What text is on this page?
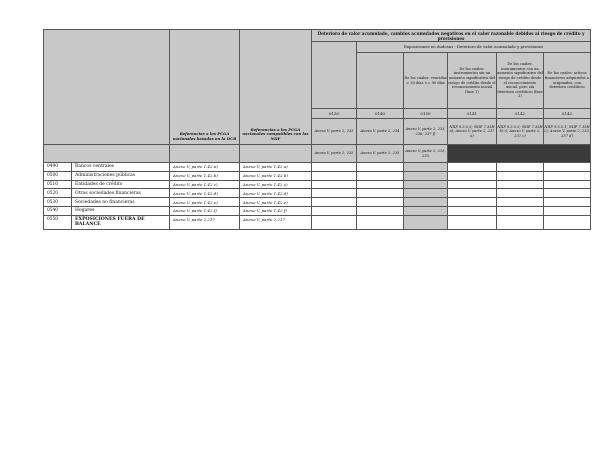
		Referencias a los PCGA nacionales basadas en la DCB	Referencias a los PCGA nacionales compatibles con las NIIF	Deterioro de valor acumulado, cambios acumulados negativos en el valor razonable debidos al riesgo de crédito y provisiones					
					Exposiciones no dudosas - Deterioro de valor acumulado y provisiones				
						De las cuales: vencidas > 30 días <= 90 días	De las cuales: instrumentos sin un aumento significativo del riesgo de crédito desde el reconocimiento inicial (fase 1)	De las cuales: instrumentos con un aumento significativo del riesgo de crédito desde el reconocimiento inicial, pero sin deterioro crediticio (fase 2)	De las cuales: activos financieros adquiridos u originados, con deterioro crediticio
				0130	0140	0150	0141	0142	0143
				Anexo V, parte 2, 233	Anexo V, parte 2, 234	Anexo V, parte 2, 233, 236, 237 f)	NIIF 9.5.5.5; NIIF 7.35H a); Anexo V, parte 2, 237 a)	NIIF 9.5.5.3; NIIF 7.35H b) i); Anexo V, parte 2, 237 c)	NIIF 9.5.5.1; NIIF 7.35H c); Anexo V, parte 2, 233, 237 d)
				Anexo V, parte 2, 235	Anexo V, parte 2, 235	Anexo V, parte 2, 233, 235			
0490	Bancos centrales	Anexo V, parte 1.42.a)	Anexo V, parte 1.42.a)						
0500	Administraciones públicas	Anexo V, parte 1.42.b)	Anexo V, parte 1.42.b)						
0510	Entidades de crédito	Anexo V, parte 1.42.c)	Anexo V, parte 1.42.c)						
0520	Otras sociedades financieras	Anexo V, parte 1.42.d)	Anexo V, parte 1.42.d)						
0530	Sociedades no financieras	Anexo V, parte 1.42.e)	Anexo V, parte 1.42.e)						
0540	Hogares	Anexo V, parte 1.42.f)	Anexo V, parte 1.42.f)						
0550	EXPOSICIONES FUERA DE BALANCE	Anexo V, parte 2.217	Anexo V, parte 2.217						
